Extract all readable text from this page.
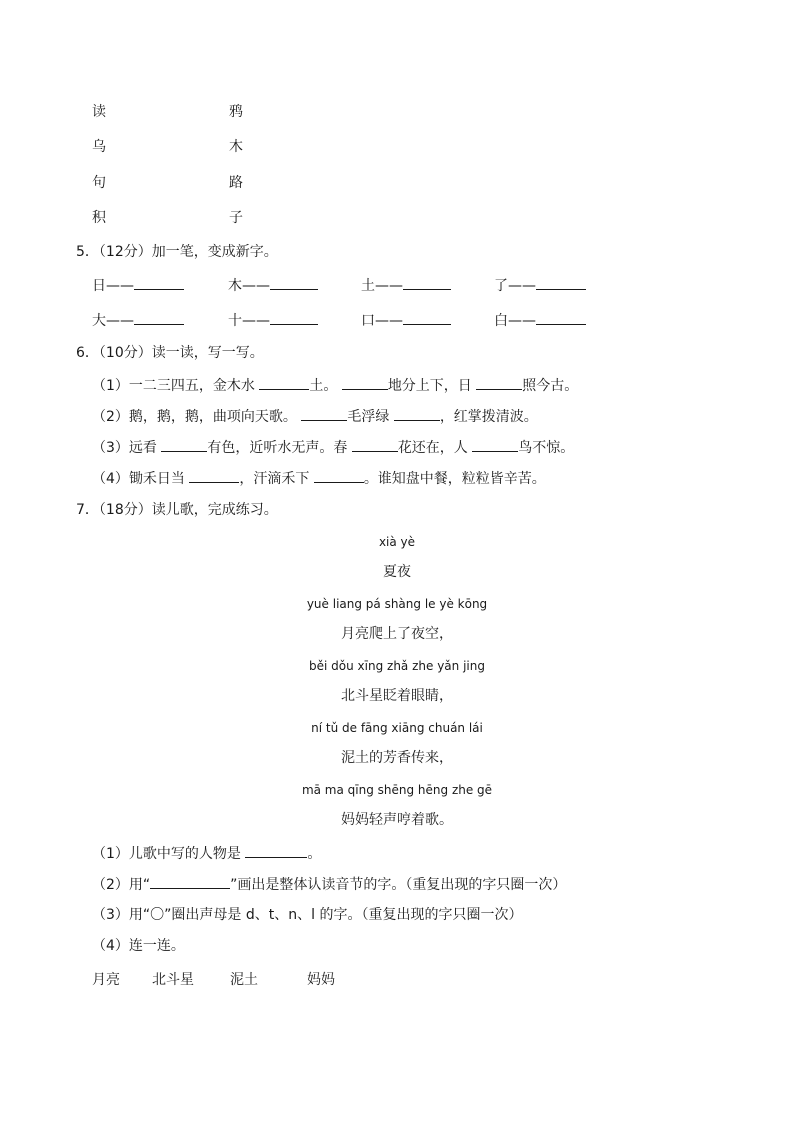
读	鸦
乌	木
句	路
积	子
5．（12分）加一笔，变成新字。
日——	木——	土——	了——
大——	十——	口——	白——
6．（10分）读一读，写一写。
（1）一二三四五，金木水	土。	地分上下，日	照今古。
（2）鹅，鹅，鹅，曲项向天歌。	毛浮绿	，红掌拨清波。
（3）远看	有色，近听水无声。春	花还在，人	鸟不惊。
（4）锄禾日当	，汗滴禾下	。谁知盘中餐，粒粒皆辛苦。
7．（18分）读儿歌，完成练习。
xià yè
夏夜
yuè liang pá shàng le yè kōng
月亮爬上了夜空，
běi dǒu xīng zhǎ zhe yǎn jing
北斗星眨着眼睛，
ní tǔ de fāng xiāng chuán lái
泥土的芳香传来，
mā ma qīng shēng hēng zhe gē
妈妈轻声哼着歌。
（1）儿歌中写的人物是	。
（2）用“	”画出是整体认读音节的字。（重复出现的字只圈一次）
（3）用“〇”圈出声母是 d、t、n、l 的字。（重复出现的字只圈一次）
（4）连一连。
月亮 北斗星	泥土	妈妈
